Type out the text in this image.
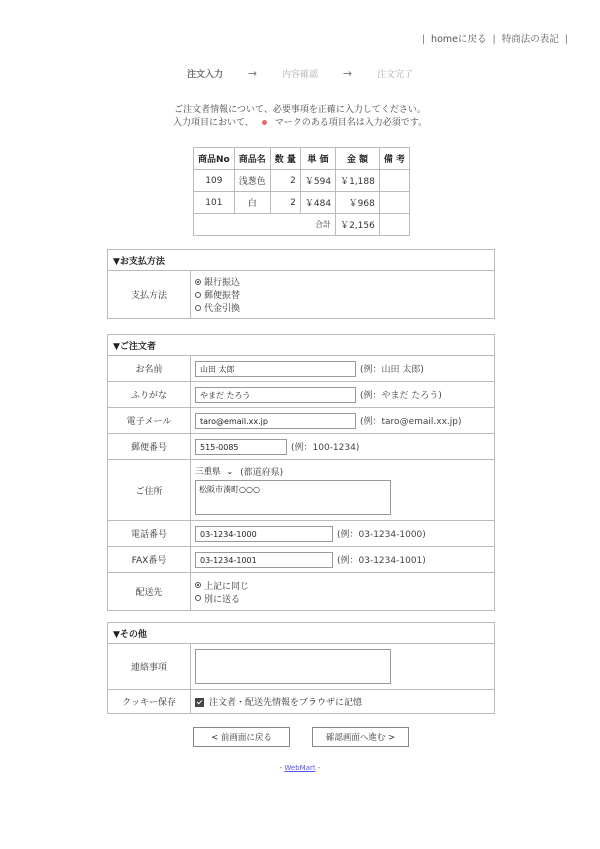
| homeに戻る | 特商法の表記 |
注文入力 →	内容確認 →	注文完了
ご注文者情報について、必要事項を正確に入力してください。
入力項目において、 マークのある項目名は入力必須です。
商品No	商品名	数 量	単 価	金 額	備 考
109	浅葱色	2	￥594	￥1,188	
101	白	2	￥484	￥968	
合計				￥2,156	
▼お支払方法
支払方法	
銀行振込
郵便振替
代金引換
▼ご注文者	
お名前	山田 太郎 (例：山田 太郎)
ふりがな	やまだ たろう (例：やまだ たろう)
電子メール	taro@email.xx.jp (例：taro@email.xx.jp)
郵便番号	515-0085 (例：100-1234)
ご住所	三重県 ⌄ (都道府県)
松阪市湊町○○○

電話番号	03-1234-1000 (例：03-1234-1000)
FAX番号	03-1234-1001 (例：03-1234-1001)
配送先	上記に同じ
別に送る
▼その他	
連絡事項	

クッキー保存	注文者・配送先情報をブラウザに記憶
< 前画面に戻る	確認画面へ進む >
- WebMart -
